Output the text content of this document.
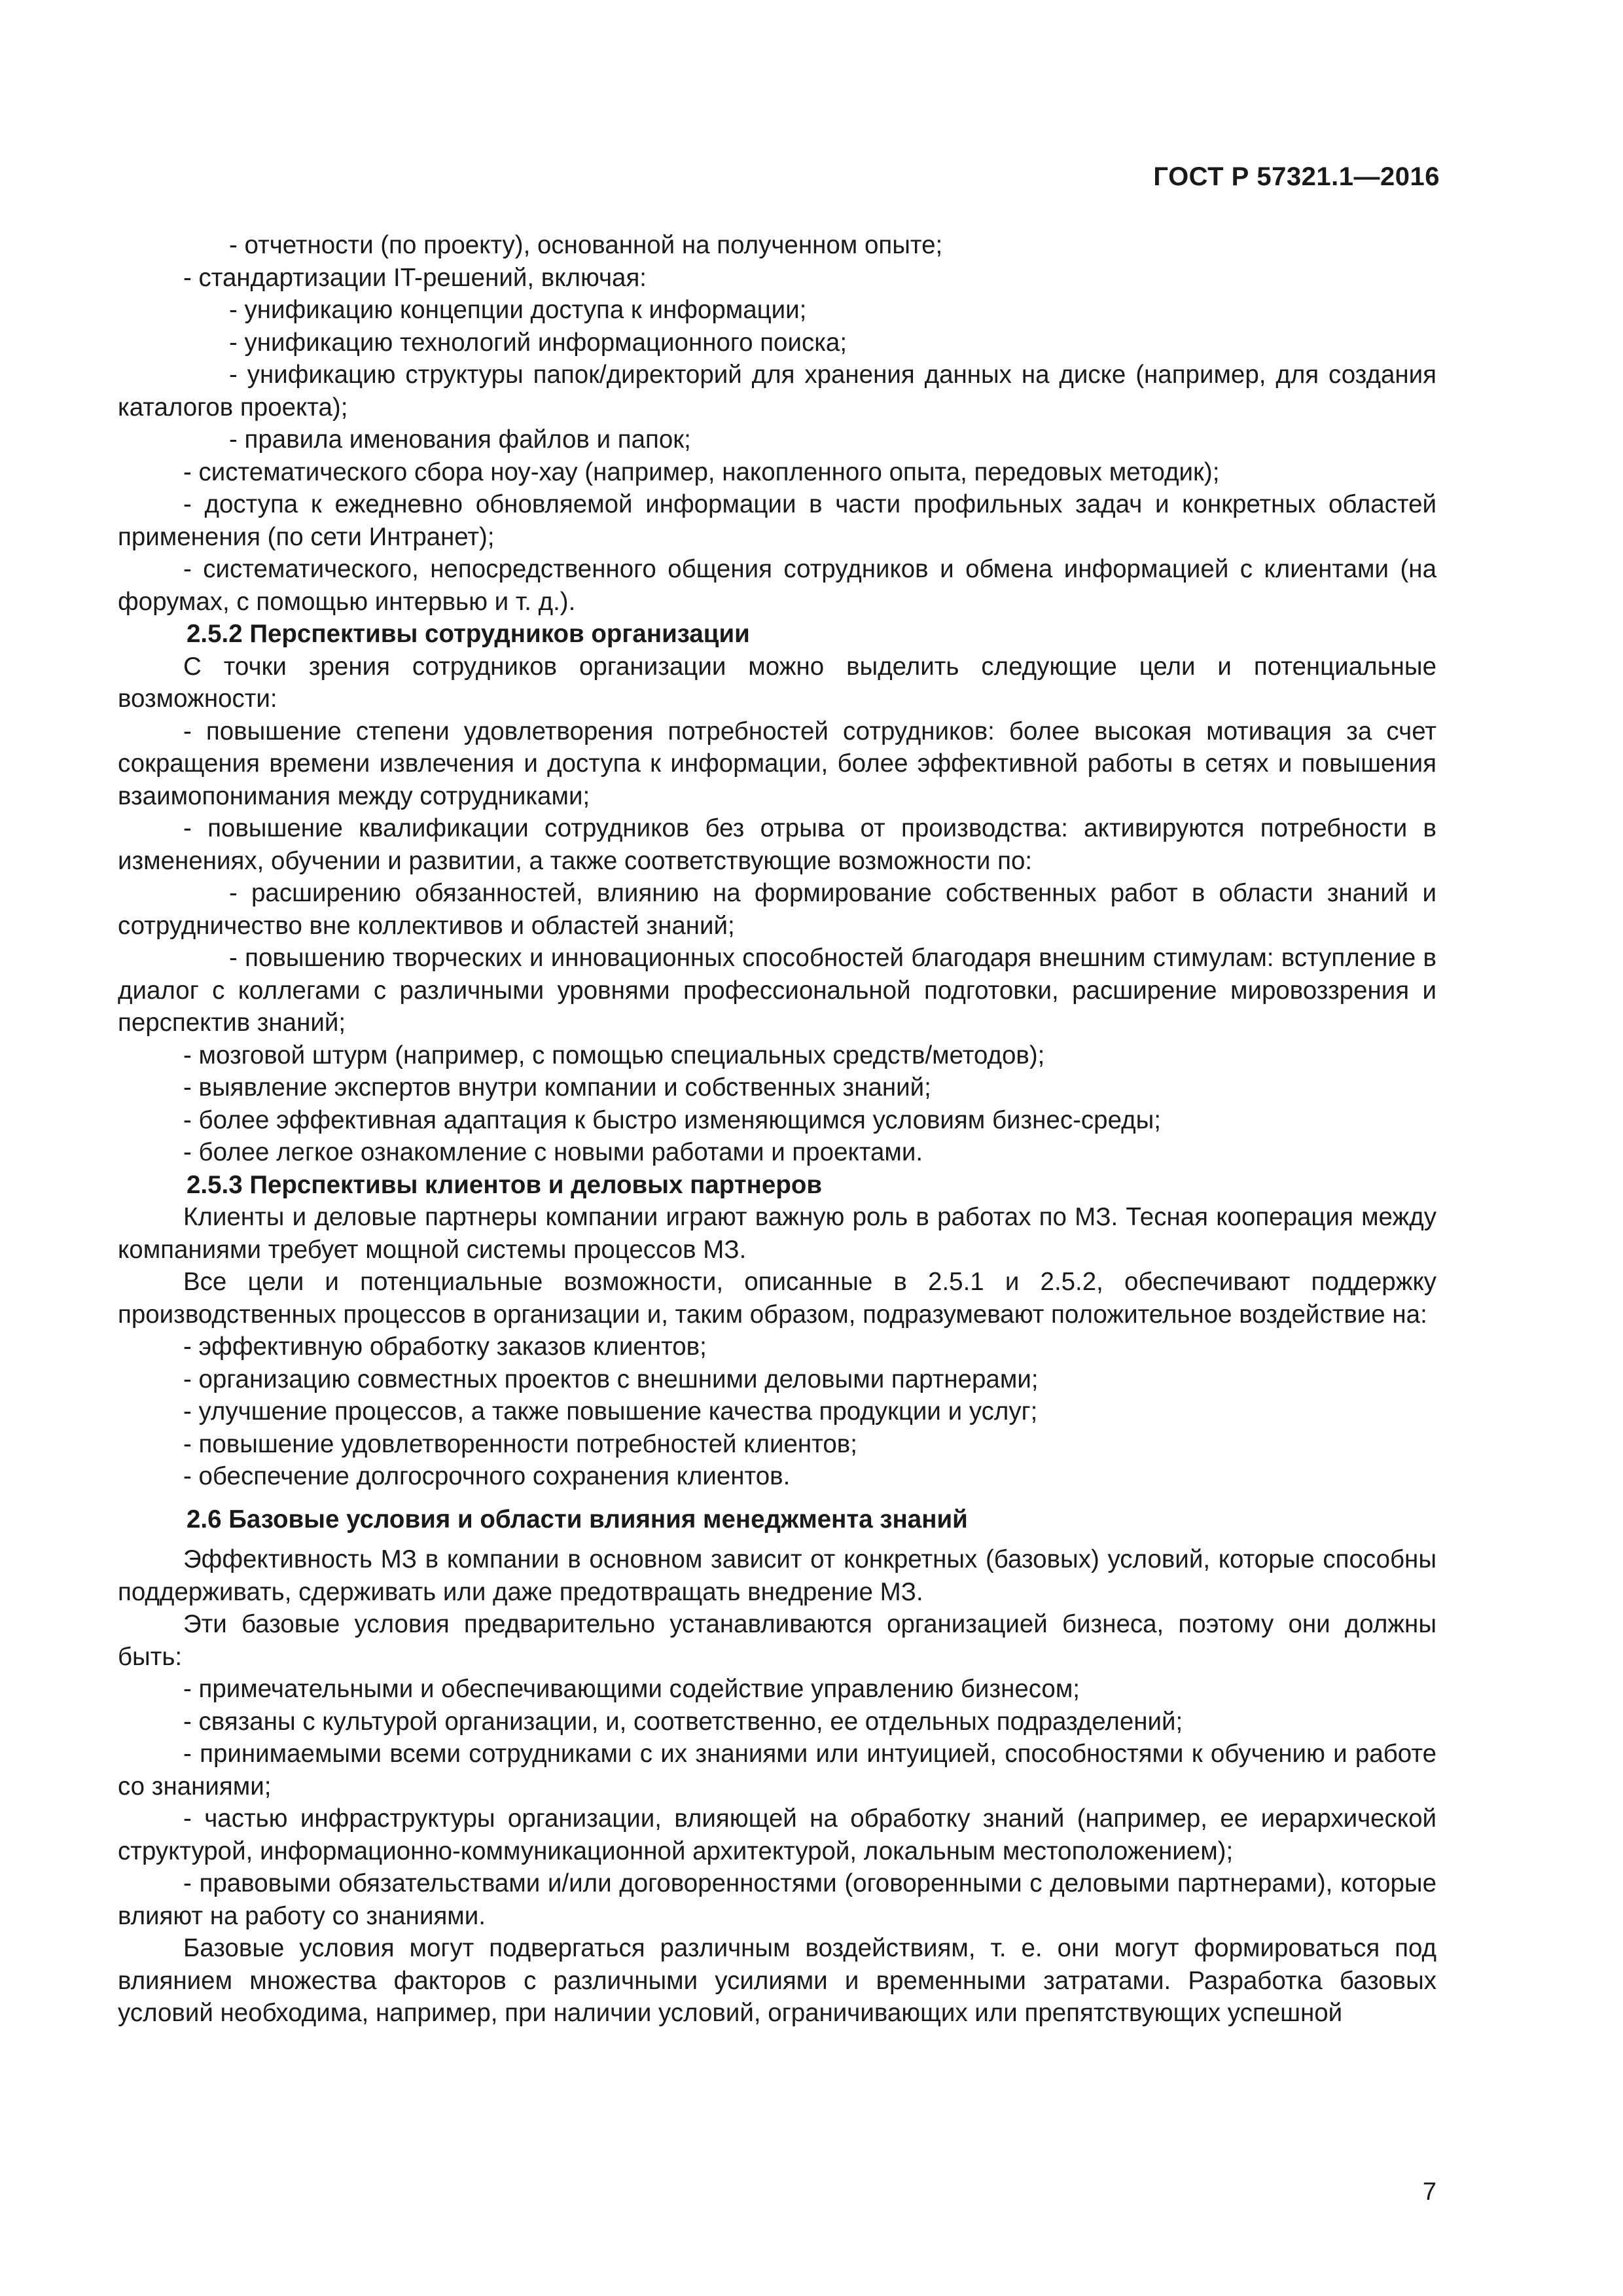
ГОСТ Р 57321.1—2016

- отчетности (по проекту), основанной на полученном опыте;

- стандартизации IT-решений, включая:

- унификацию концепции доступа к информации;

- унификацию технологий информационного поиска;

- унификацию структуры папок/директорий для хранения данных на диске (например, для создания каталогов проекта);

- правила именования файлов и папок;

- систематического сбора ноу-хау (например, накопленного опыта, передовых методик);

- доступа к ежедневно обновляемой информации в части профильных задач и конкретных областей применения (по сети Интранет);

- систематического, непосредственного общения сотрудников и обмена информацией с клиентами (на форумах, с помощью интервью и т. д.).

2.5.2 Перспективы сотрудников организации

С точки зрения сотрудников организации можно выделить следующие цели и потенциальные возможности:

- повышение степени удовлетворения потребностей сотрудников: более высокая мотивация за счет сокращения времени извлечения и доступа к информации, более эффективной работы в сетях и повышения взаимопонимания между сотрудниками;

- повышение квалификации сотрудников без отрыва от производства: активируются потребности в изменениях, обучении и развитии, а также соответствующие возможности по:

- расширению обязанностей, влиянию на формирование собственных работ в области знаний и сотрудничество вне коллективов и областей знаний;

- повышению творческих и инновационных способностей благодаря внешним стимулам: вступление в диалог с коллегами с различными уровнями профессиональной подготовки, расширение мировоззрения и перспектив знаний;

- мозговой штурм (например, с помощью специальных средств/методов);

- выявление экспертов внутри компании и собственных знаний;

- более эффективная адаптация к быстро изменяющимся условиям бизнес-среды;

- более легкое ознакомление с новыми работами и проектами.

2.5.3 Перспективы клиентов и деловых партнеров

Клиенты и деловые партнеры компании играют важную роль в работах по МЗ. Тесная кооперация между компаниями требует мощной системы процессов МЗ.

Все цели и потенциальные возможности, описанные в 2.5.1 и 2.5.2, обеспечивают поддержку производственных процессов в организации и, таким образом, подразумевают положительное воздействие на:

- эффективную обработку заказов клиентов;

- организацию совместных проектов с внешними деловыми партнерами;

- улучшение процессов, а также повышение качества продукции и услуг;

- повышение удовлетворенности потребностей клиентов;

- обеспечение долгосрочного сохранения клиентов.

2.6 Базовые условия и области влияния менеджмента знаний

Эффективность МЗ в компании в основном зависит от конкретных (базовых) условий, которые способны поддерживать, сдерживать или даже предотвращать внедрение МЗ.

Эти базовые условия предварительно устанавливаются организацией бизнеса, поэтому они должны быть:

- примечательными и обеспечивающими содействие управлению бизнесом;

- связаны с культурой организации, и, соответственно, ее отдельных подразделений;

- принимаемыми всеми сотрудниками с их знаниями или интуицией, способностями к обучению и работе со знаниями;

- частью инфраструктуры организации, влияющей на обработку знаний (например, ее иерархической структурой, информационно-коммуникационной архитектурой, локальным местоположением);

- правовыми обязательствами и/или договоренностями (оговоренными с деловыми партнерами), которые влияют на работу со знаниями.

Базовые условия могут подвергаться различным воздействиям, т. е. они могут формироваться под влиянием множества факторов с различными усилиями и временными затратами. Разработка базовых условий необходима, например, при наличии условий, ограничивающих или препятствующих успешной

7
